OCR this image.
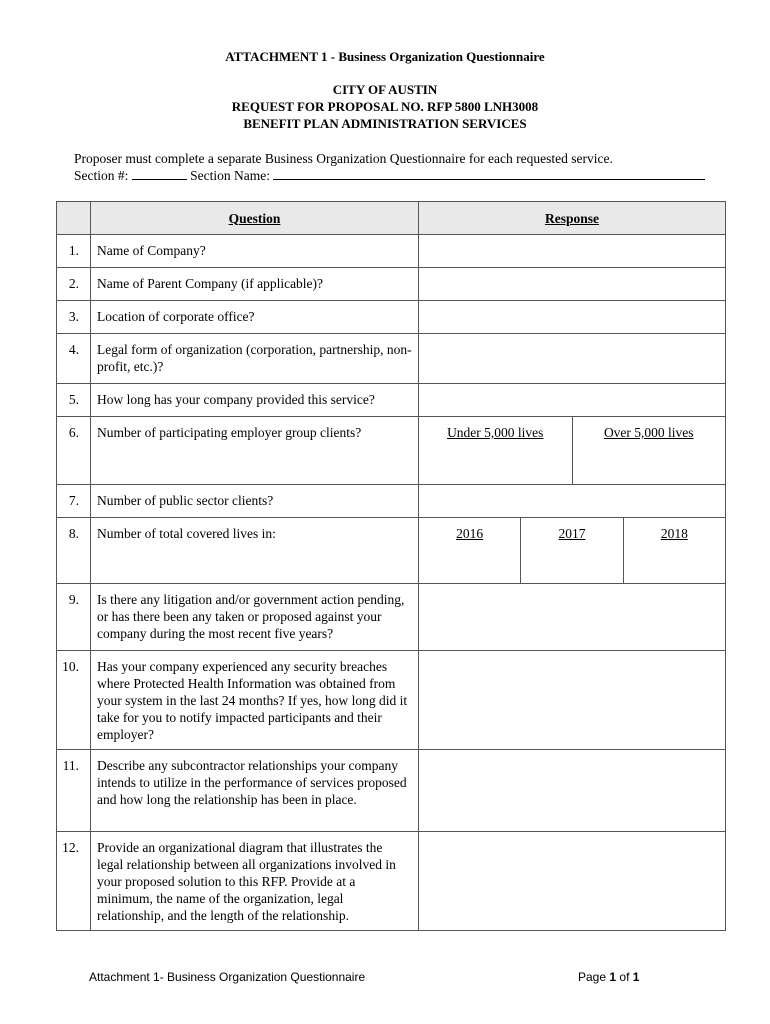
ATTACHMENT 1 - Business Organization Questionnaire
CITY OF AUSTIN
REQUEST FOR PROPOSAL NO. RFP 5800 LNH3008
BENEFIT PLAN ADMINISTRATION SERVICES
Proposer must complete a separate Business Organization Questionnaire for each requested service.
Section #:	Section Name:
	Question	Response
1.	Name of Company?	
2.	Name of Parent Company (if applicable)?	
3.	Location of corporate office?	
4.	Legal form of organization (corporation, partnership, non-profit, etc.)?	
5.	How long has your company provided this service?	
6.	Number of participating employer group clients?	Under 5,000 lives Over 5,000 lives

7.	Number of public sector clients?	
8.	Number of total covered lives in:	2016 2017 2018

9.	Is there any litigation and/or government action pending, or has there been any taken or proposed against your company during the most recent five years?	
10.	Has your company experienced any security breaches where Protected Health Information was obtained from your system in the last 24 months? If yes, how long did it take for you to notify impacted participants and their employer?	
11.	Describe any subcontractor relationships your company intends to utilize in the performance of services proposed and how long the relationship has been in place.	
12.	Provide an organizational diagram that illustrates the legal relationship between all organizations involved in your proposed solution to this RFP. Provide at a minimum, the name of the organization, legal relationship, and the length of the relationship.	
Attachment 1- Business Organization Questionnaire	Page 1 of 1
